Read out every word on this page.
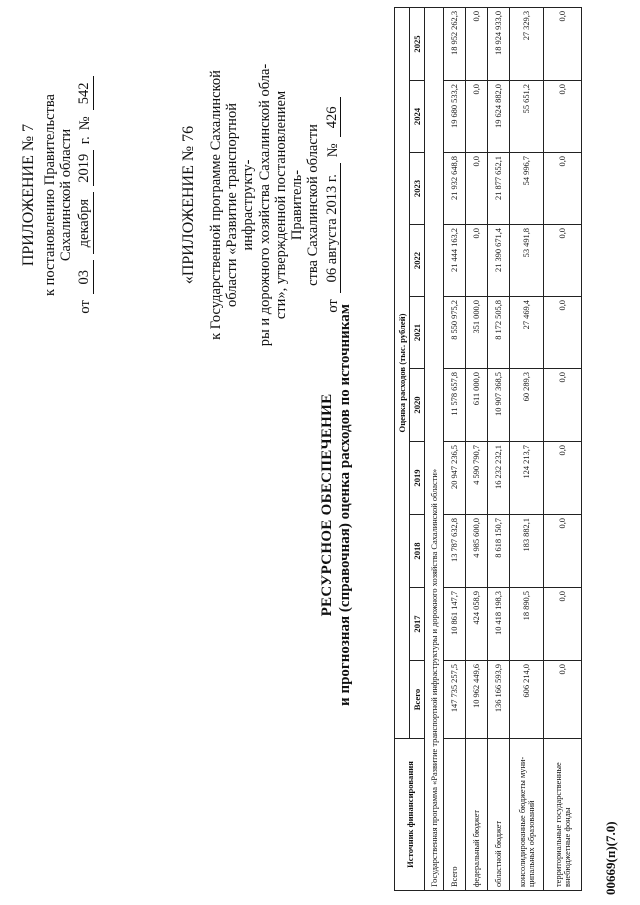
ПРИЛОЖЕНИЕ № 7 к постановлению Правительства Сахалинской области
от
03
декабря
2019
г.
№
542
«ПРИЛОЖЕНИЕ № 76 к Государственной программе Сахалинской области «Развитие транспортной инфраструкту- ры и дорожного хозяйства Сахалинской обла- сти», утвержденной постановлением Правитель- ства Сахалинской области
от
06 августа 2013 г.
№
426
РЕСУРСНОЕ ОБЕСПЕЧЕНИЕ и прогнозная (справочная) оценка расходов по источникам
Источник финансирования	Оценка расходов (тыс. рублей)									
	Всего	2017	2018	2019	2020	2021	2022	2023	2024	2025
Государственная программа «Развитие транспортной инфраструктуры и дорожного хозяйства Сахалинской области»										
Всего	147 735 257,5	10 861 147,7	13 787 632,8	20 947 236,5	11 578 657,8	8 550 975,2	21 444 163,2	21 932 648,8	19 680 533,2	18 952 262,3
федеральный бюджет	10 962 449,6	424 058,9	4 985 600,0	4 590 790,7	611 000,0	351 000,0	0,0	0,0	0,0	0,0
областной бюджет	136 166 593,9	10 418 198,3	8 618 150,7	16 232 232,1	10 907 368,5	8 172 505,8	21 390 671,4	21 877 652,1	19 624 882,0	18 924 933,0
консолидированные бюджеты муни-ципальных образований	606 214,0	18 890,5	183 882,1	124 213,7	60 289,3	27 469,4	53 491,8	54 996,7	55 651,2	27 329,3
территориальные государственные внебюджетные фонды	0,0	0,0	0,0	0,0	0,0	0,0	0,0	0,0	0,0	0,0
00669(п)(7.0)
